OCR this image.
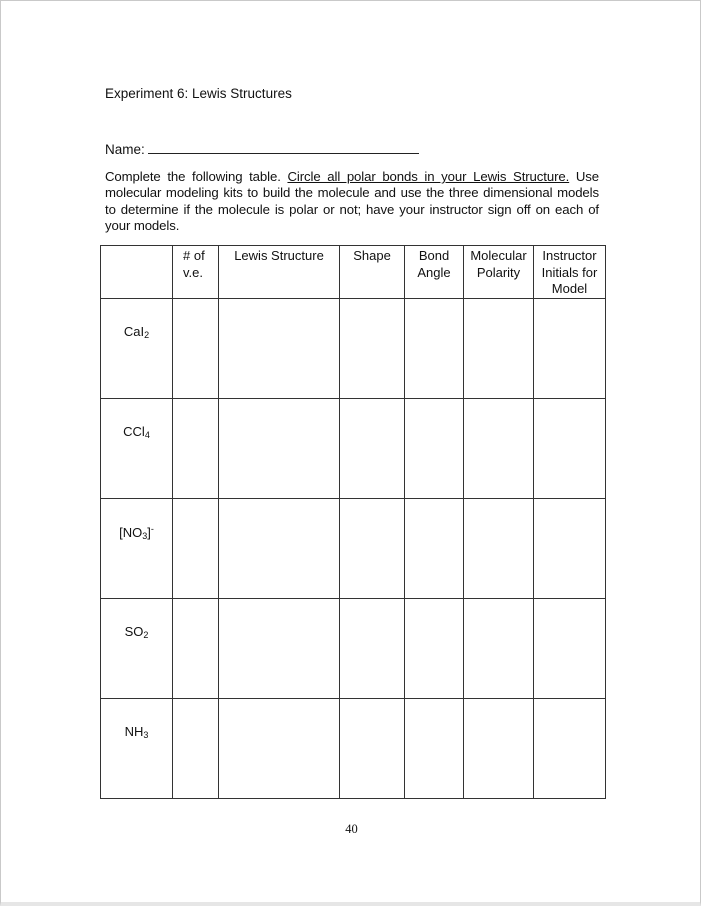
Experiment 6: Lewis Structures
Name:
Complete the following table. Circle all polar bonds in your Lewis Structure. Use molecular modeling kits to build the molecule and use the three dimensional models to determine if the molecule is polar or not; have your instructor sign off on each of your models.
	# of v.e.	Lewis Structure	Shape	Bond Angle	Molecular Polarity	Instructor Initials for Model

CaI$_2$

CCl$_4$

$[NO_3]^-$

$SO_2$

$NH_3$

40
